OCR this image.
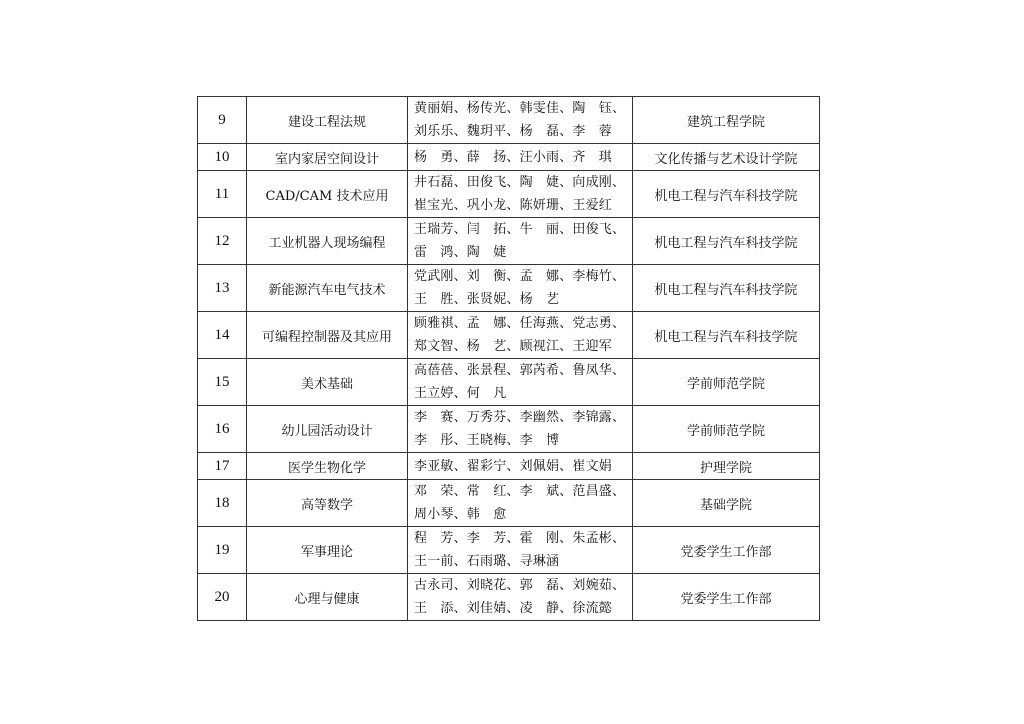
9	建设工程法规	黄丽娟、杨传光、韩雯佳、陶　钰、
刘乐乐、魏玥平、杨　磊、李　蓉	建筑工程学院
10	室内家居空间设计	杨　勇、薛　扬、汪小雨、齐　琪	文化传播与艺术设计学院
11	CAD/CAM 技术应用	井石磊、田俊飞、陶　婕、向成刚、
崔宝光、巩小龙、陈妍珊、王爱红	机电工程与汽车科技学院
12	工业机器人现场编程	王瑞芳、闫　拓、牛　丽、田俊飞、
雷　鸿、陶　婕	机电工程与汽车科技学院
13	新能源汽车电气技术	党武刚、刘　衡、孟　娜、李梅竹、
王　胜、张贤妮、杨　艺	机电工程与汽车科技学院
14	可编程控制器及其应用	顾雅祺、孟　娜、任海燕、党志勇、
郑文智、杨　艺、顾视江、王迎军	机电工程与汽车科技学院
15	美术基础	高蓓蓓、张景程、郭芮希、鲁凤华、
王立婷、何　凡	学前师范学院
16	幼儿园活动设计	李　赛、万秀芬、李幽然、李锦露、
李　彤、王晓梅、李　博	学前师范学院
17	医学生物化学	李亚敏、翟彩宁、刘佩娟、崔文娟	护理学院
18	高等数学	邓　荣、常　红、李　斌、范昌盛、
周小琴、韩　愈	基础学院
19	军事理论	程　芳、李　芳、霍　刚、朱孟彬、
王一前、石雨璐、寻琳涵	党委学生工作部
20	心理与健康	古永司、刘晓花、郭　磊、刘婉茹、
王　添、刘佳婧、凌　静、徐流懿	党委学生工作部
